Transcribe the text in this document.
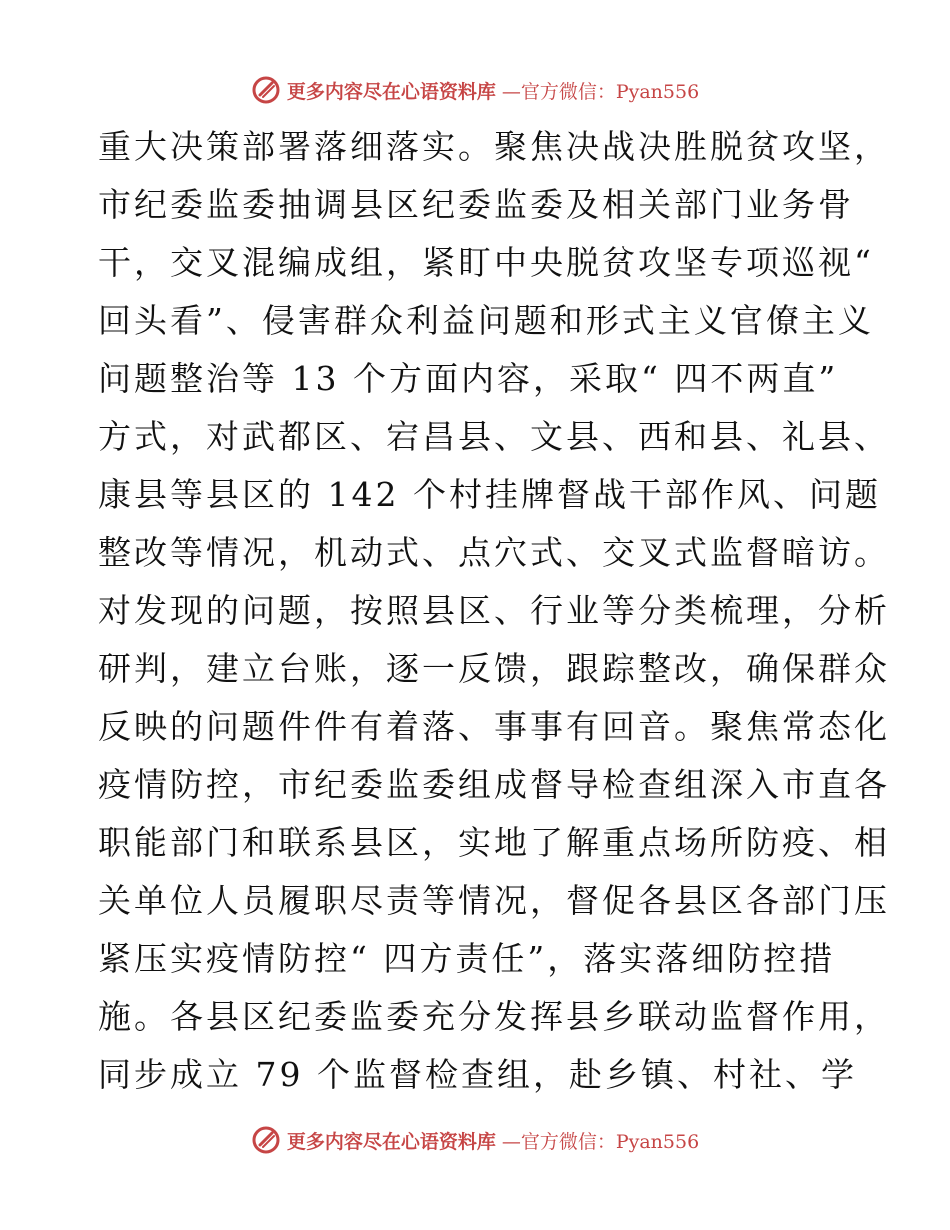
更多内容尽在心语资料库 —官方微信：Pyan556
重大决策部署落细落实。聚焦决战决胜脱贫攻坚，
市纪委监委抽调县区纪委监委及相关部门业务骨
干，交叉混编成组，紧盯中央脱贫攻坚专项巡视“
回头看”、侵害群众利益问题和形式主义官僚主义
问题整治等 13 个方面内容，采取“ 四不两直”
方式，对武都区、宕昌县、文县、西和县、礼县、
康县等县区的 142 个村挂牌督战干部作风、问题
整改等情况，机动式、点穴式、交叉式监督暗访。
对发现的问题，按照县区、行业等分类梳理，分析
研判，建立台账，逐一反馈，跟踪整改，确保群众
反映的问题件件有着落、事事有回音。聚焦常态化
疫情防控，市纪委监委组成督导检查组深入市直各
职能部门和联系县区，实地了解重点场所防疫、相
关单位人员履职尽责等情况，督促各县区各部门压
紧压实疫情防控“ 四方责任”，落实落细防控措
施。各县区纪委监委充分发挥县乡联动监督作用，
同步成立 79 个监督检查组，赴乡镇、村社、学
更多内容尽在心语资料库 —官方微信：Pyan556
